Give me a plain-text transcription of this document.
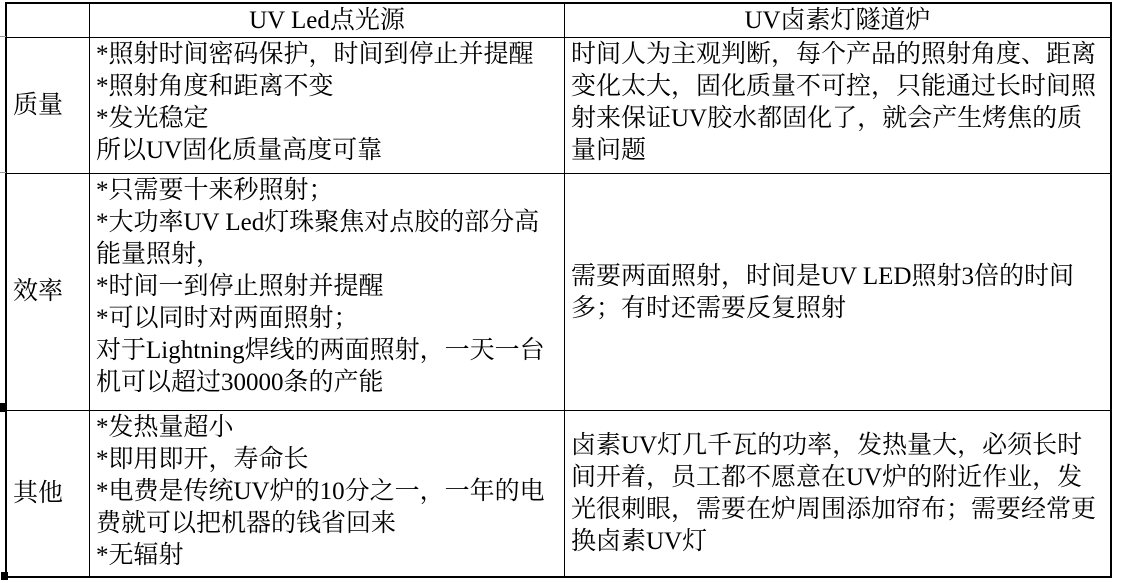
UV Led点光源	UV卤素灯隧道炉
质量
*照射时间密码保护，时间到停止并提醒
*照射角度和距离不变
*发光稳定
所以UV固化质量高度可靠
时间人为主观判断，每个产品的照射角度、距离变化太大，固化质量不可控，只能通过长时间照射来保证UV胶水都固化了，就会产生烤焦的质量问题
效率
*只需要十来秒照射；
*大功率UV Led灯珠聚焦对点胶的部分高能量照射，
*时间一到停止照射并提醒
*可以同时对两面照射；
对于Lightning焊线的两面照射，一天一台机可以超过30000条的产能
需要两面照射，时间是UV LED照射3倍的时间多；有时还需要反复照射
其他
*发热量超小
*即用即开，寿命长
*电费是传统UV炉的10分之一，一年的电费就可以把机器的钱省回来
*无辐射
卤素UV灯几千瓦的功率，发热量大，必须长时间开着，员工都不愿意在UV炉的附近作业，发光很刺眼，需要在炉周围添加帘布；需要经常更换卤素UV灯
